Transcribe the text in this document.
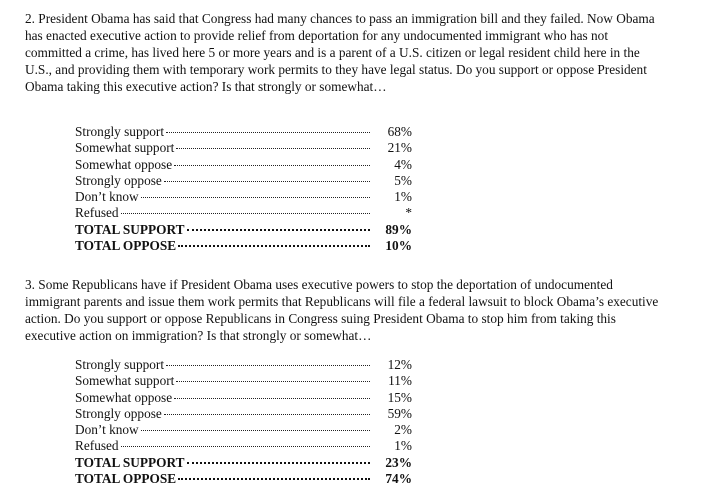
2. President Obama has said that Congress had many chances to pass an immigration bill and they failed. Now Obama has enacted executive action to provide relief from deportation for any undocumented immigrant who has not committed a crime, has lived here 5 or more years and is a parent of a U.S. citizen or legal resident child here in the U.S., and providing them with temporary work permits to they have legal status. Do you support or oppose President Obama taking this executive action? Is that strongly or somewhat…
Strongly support	68%
Somewhat support	21%
Somewhat oppose	4%
Strongly oppose	5%
Don’t know	1%
Refused	*
TOTAL SUPPORT	89%
TOTAL OPPOSE	10%
3. Some Republicans have if President Obama uses executive powers to stop the deportation of undocumented immigrant parents and issue them work permits that Republicans will file a federal lawsuit to block Obama’s executive action. Do you support or oppose Republicans in Congress suing President Obama to stop him from taking this executive action on immigration? Is that strongly or somewhat…
Strongly support	12%
Somewhat support	11%
Somewhat oppose	15%
Strongly oppose	59%
Don’t know	2%
Refused	1%
TOTAL SUPPORT	23%
TOTAL OPPOSE	74%
